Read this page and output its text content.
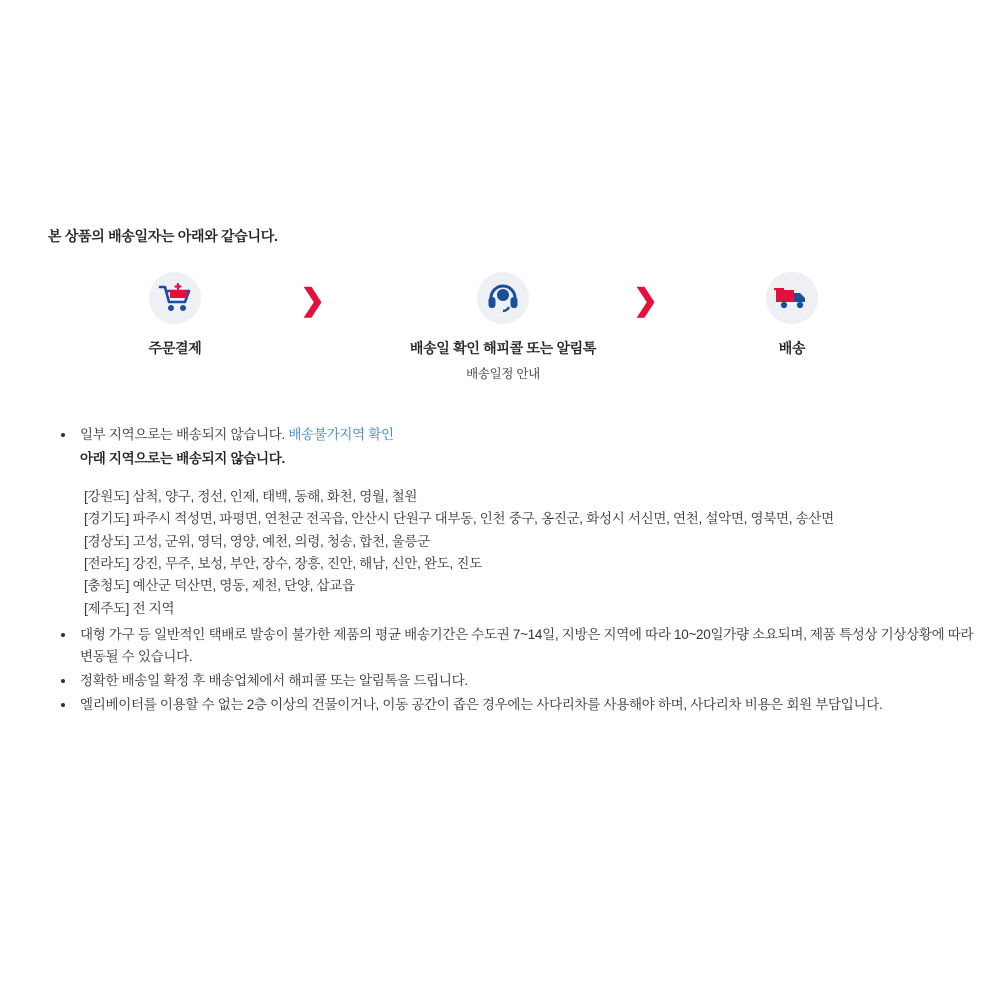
본 상품의 배송일자는 아래와 같습니다.
주문결제
❯
배송일 확인 해피콜 또는 알림톡
배송일정 안내
❯
배송
• 일부 지역으로는 배송되지 않습니다. 배송불가지역 확인
아래 지역으로는 배송되지 않습니다.
[강원도] 삼척, 양구, 정선, 인제, 태백, 동해, 화천, 영월, 철원
[경기도] 파주시 적성면, 파평면, 연천군 전곡읍, 안산시 단원구 대부동, 인천 중구, 옹진군, 화성시 서신면, 연천, 설악면, 영북면, 송산면
[경상도] 고성, 군위, 영덕, 영양, 예천, 의령, 청송, 합천, 울릉군
[전라도] 강진, 무주, 보성, 부안, 장수, 장흥, 진안, 해남, 신안, 완도, 진도
[충청도] 예산군 덕산면, 영동, 제천, 단양, 삽교읍
[제주도] 전 지역
• 대형 가구 등 일반적인 택배로 발송이 불가한 제품의 평균 배송기간은 수도권 7~14일, 지방은 지역에 따라 10~20일가량 소요되며, 제품 특성상 기상상황에 따라 변동될 수 있습니다.
• 정확한 배송일 확정 후 배송업체에서 해피콜 또는 알림톡을 드립니다.
• 엘리베이터를 이용할 수 없는 2층 이상의 건물이거나, 이동 공간이 좁은 경우에는 사다리차를 사용해야 하며, 사다리차 비용은 회원 부담입니다.
